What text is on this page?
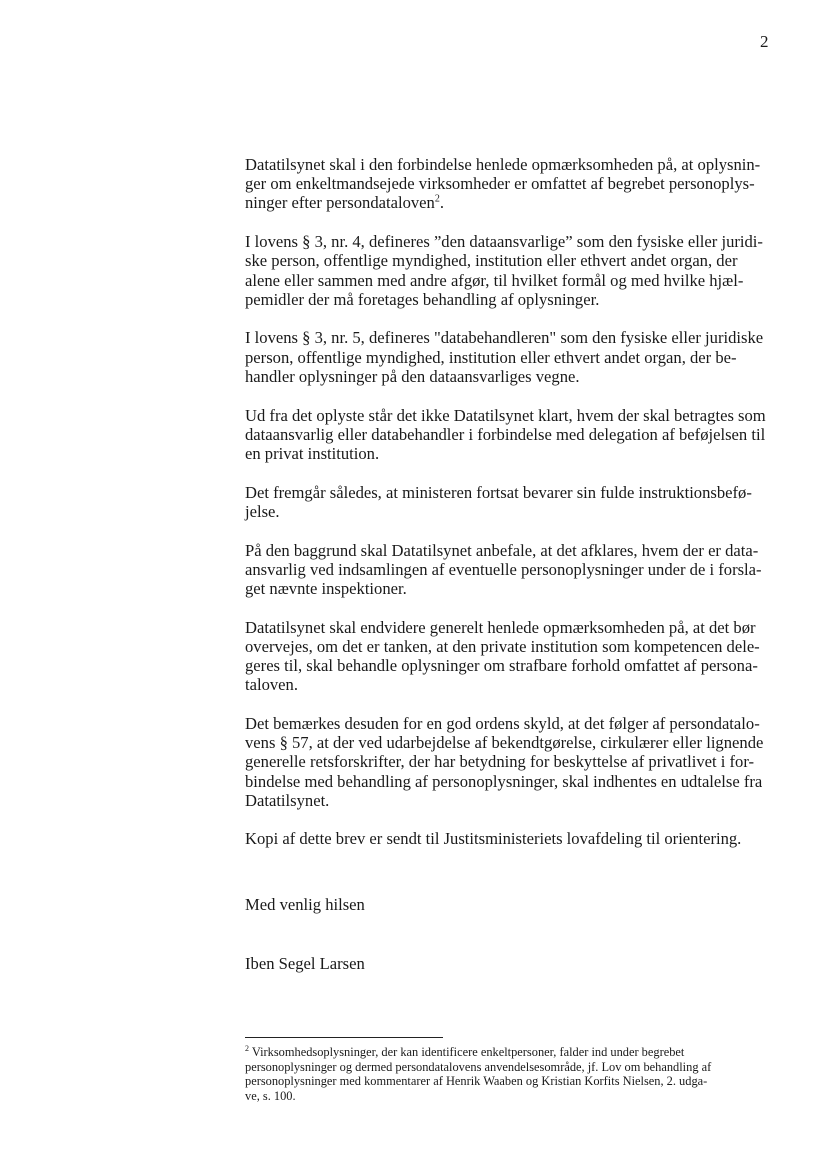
2

Datatilsynet skal i den forbindelse henlede opmærksomheden på, at oplysnin-
ger om enkeltmandsejede virksomheder er omfattet af begrebet personoplys-
ninger efter persondataloven$^2$.

I lovens § 3, nr. 4, defineres ”den dataansvarlige” som den fysiske eller juridi-
ske person, offentlige myndighed, institution eller ethvert andet organ, der
alene eller sammen med andre afgør, til hvilket formål og med hvilke hjæl-
pemidler der må foretages behandling af oplysninger.

I lovens § 3, nr. 5, defineres "databehandleren" som den fysiske eller juridiske
person, offentlige myndighed, institution eller ethvert andet organ, der be-
handler oplysninger på den dataansvarliges vegne.

Ud fra det oplyste står det ikke Datatilsynet klart, hvem der skal betragtes som
dataansvarlig eller databehandler i forbindelse med delegation af beføjelsen til
en privat institution.

Det fremgår således, at ministeren fortsat bevarer sin fulde instruktionsbefø-
jelse.

På den baggrund skal Datatilsynet anbefale, at det afklares, hvem der er data-
ansvarlig ved indsamlingen af eventuelle personoplysninger under de i forsla-
get nævnte inspektioner.

Datatilsynet skal endvidere generelt henlede opmærksomheden på, at det bør
overvejes, om det er tanken, at den private institution som kompetencen dele-
geres til, skal behandle oplysninger om strafbare forhold omfattet af persona-
taloven.

Det bemærkes desuden for en god ordens skyld, at det følger af persondatalo-
vens § 57, at der ved udarbejdelse af bekendtgørelse, cirkulærer eller lignende
generelle retsforskrifter, der har betydning for beskyttelse af privatlivet i for-
bindelse med behandling af personoplysninger, skal indhentes en udtalelse fra
Datatilsynet.

Kopi af dette brev er sendt til Justitsministeriets lovafdeling til orientering.

Med venlig hilsen

Iben Segel Larsen

$^2$ Virksomhedsoplysninger, der kan identificere enkeltpersoner, falder ind under begrebet
personoplysninger og dermed persondatalovens anvendelsesområde, jf. Lov om behandling af
personoplysninger med kommentarer af Henrik Waaben og Kristian Korfits Nielsen, 2. udga-
ve, s. 100.
